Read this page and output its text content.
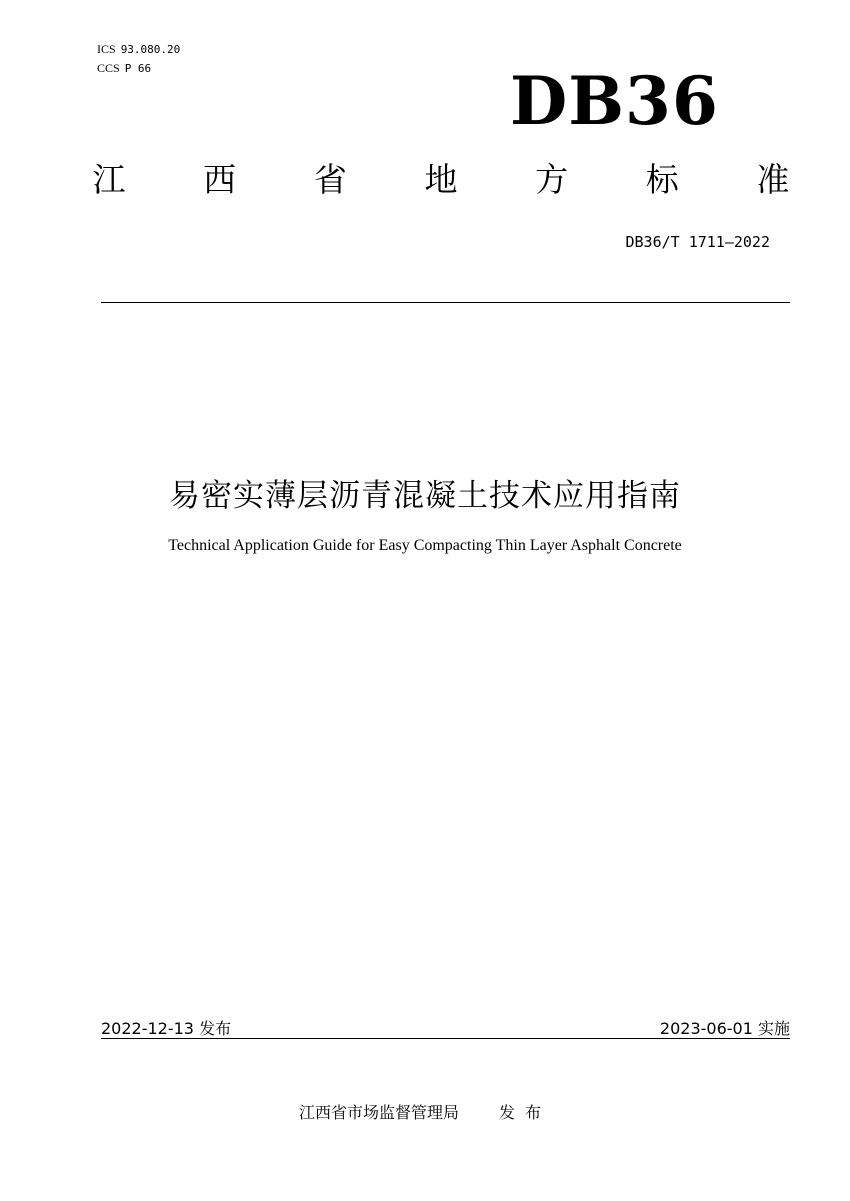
ICS 93.080.20
CCS P 66	DB36
江 西 省 地 方 标 准
DB36/T 1711—2022
易密实薄层沥青混凝土技术应用指南
Technical Application Guide for Easy Compacting Thin Layer Asphalt Concrete
2022-12-13 发布	2023-06-01 实施
江西省市场监督管理局	发布
